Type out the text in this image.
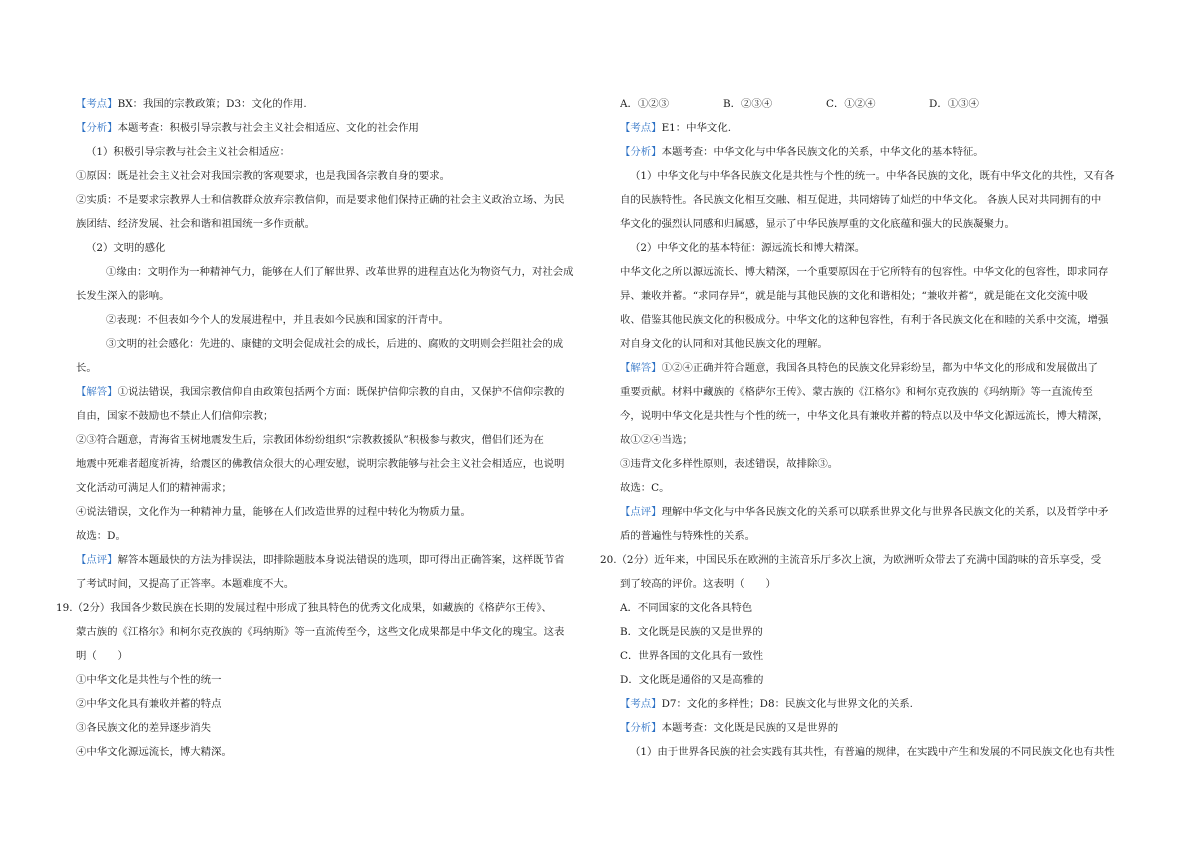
【考点】BX：我国的宗教政策；D3：文化的作用.
【分析】本题考查：积极引导宗教与社会主义社会相适应、文化的社会作用
（1）积极引导宗教与社会主义社会相适应：
①原因：既是社会主义社会对我国宗教的客观要求，也是我国各宗教自身的要求。
②实质：不是要求宗教界人士和信教群众放弃宗教信仰，而是要求他们保持正确的社会主义政治立场、为民
族团结、经济发展、社会和谐和祖国统一多作贡献。
（2）文明的感化
①缘由：文明作为一种精神气力，能够在人们了解世界、改革世界的进程直达化为物资气力，对社会成
长发生深入的影响。
②表现：不但表如今个人的发展进程中，并且表如今民族和国家的汗青中。
③文明的社会感化：先进的、康健的文明会促成社会的成长，后进的、腐败的文明则会拦阻社会的成
长。
【解答】①说法错误，我国宗教信仰自由政策包括两个方面：既保护信仰宗教的自由，又保护不信仰宗教的
自由，国家不鼓励也不禁止人们信仰宗教；
②③符合题意，青海省玉树地震发生后，宗教团体纷纷组织“宗教救援队”积极参与救灾，僧侣们还为在
地震中死难者超度祈祷，给震区的佛教信众很大的心理安慰，说明宗教能够与社会主义社会相适应，也说明
文化活动可满足人们的精神需求；
④说法错误，文化作为一种精神力量，能够在人们改造世界的过程中转化为物质力量。
故选：D。
【点评】解答本题最快的方法为排误法，即排除题肢本身说法错误的选项，即可得出正确答案，这样既节省
了考试时间，又提高了正答率。本题难度不大。
19.（2分）我国各少数民族在长期的发展过程中形成了独具特色的优秀文化成果，如藏族的《格萨尔王传》、
蒙古族的《江格尔》和柯尔克孜族的《玛纳斯》等一直流传至今，这些文化成果都是中华文化的瑰宝。这表
明（　　）
①中华文化是共性与个性的统一
②中华文化具有兼收并蓄的特点
③各民族文化的差异逐步消失
④中华文化源远流长，博大精深。
A．①②③	B．②③④	C．①②④	D．①③④
【考点】E1：中华文化.
【分析】本题考查：中华文化与中华各民族文化的关系，中华文化的基本特征。
（1）中华文化与中华各民族文化是共性与个性的统一。中华各民族的文化，既有中华文化的共性，又有各
自的民族特性。各民族文化相互交融、相互促进，共同熔铸了灿烂的中华文化。 各族人民对共同拥有的中
华文化的强烈认同感和归属感，显示了中华民族厚重的文化底蕴和强大的民族凝聚力。
（2）中华文化的基本特征：源远流长和博大精深。
中华文化之所以源远流长、博大精深，一个重要原因在于它所特有的包容性。中华文化的包容性，即求同存
异、兼收并蓄。“求同存异“，就是能与其他民族的文化和谐相处；“兼收并蓄“，就是能在文化交流中吸
收、借鉴其他民族文化的积极成分。中华文化的这种包容性，有利于各民族文化在和睦的关系中交流，增强
对自身文化的认同和对其他民族文化的理解。
【解答】①②④正确并符合题意，我国各具特色的民族文化异彩纷呈，都为中华文化的形成和发展做出了
重要贡献。材料中藏族的《格萨尔王传》、蒙古族的《江格尔》和柯尔克孜族的《玛纳斯》等一直流传至
今，说明中华文化是共性与个性的统一，中华文化具有兼收并蓄的特点以及中华文化源远流长，博大精深，
故①②④当选；
③违背文化多样性原则，表述错误，故排除③。
故选：C。
【点评】理解中华文化与中华各民族文化的关系可以联系世界文化与世界各民族文化的关系，以及哲学中矛
盾的普遍性与特殊性的关系。
20.（2分）近年来，中国民乐在欧洲的主流音乐厅多次上演，为欧洲听众带去了充满中国韵味的音乐享受，受
到了较高的评价。这表明（　　）
A．不同国家的文化各具特色
B．文化既是民族的又是世界的
C．世界各国的文化具有一致性
D．文化既是通俗的又是高雅的
【考点】D7：文化的多样性；D8：民族文化与世界文化的关系.
【分析】本题考查：文化既是民族的又是世界的
（1）由于世界各民族的社会实践有其共性，有普遍的规律，在实践中产生和发展的不同民族文化也有共性
